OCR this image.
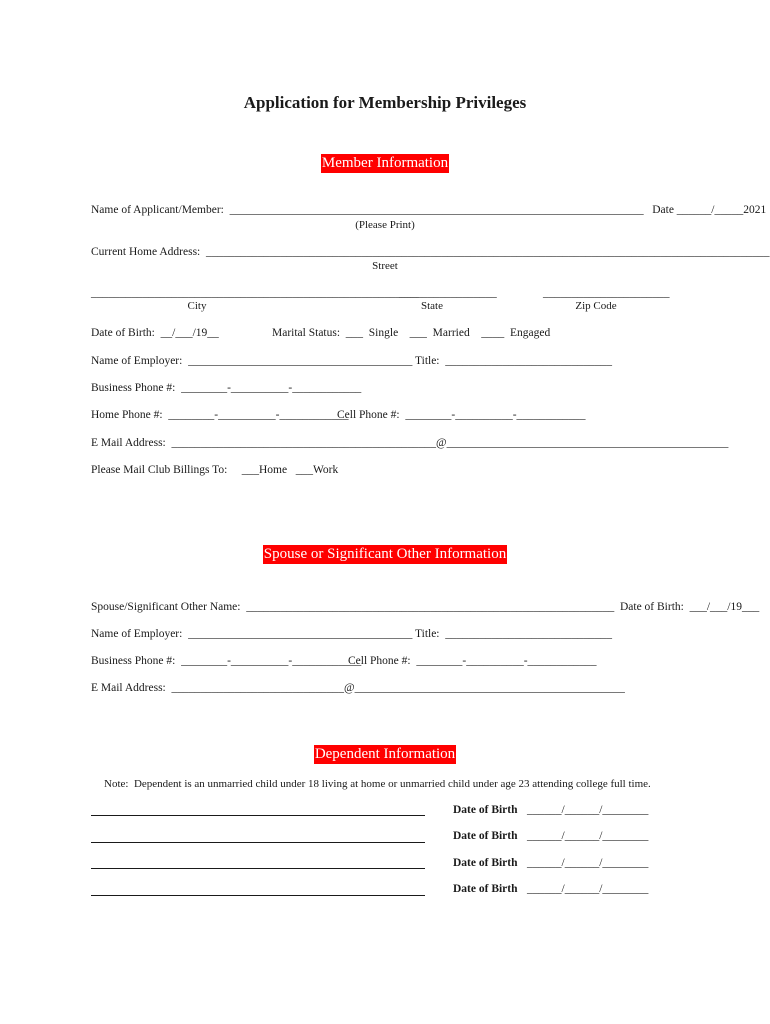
Application for Membership Privileges
Member Information
Name of Applicant/Member:  ________________________________________________________________________   Date ______/_____2021
(Please Print)
Current Home Address:  __________________________________________________________________________________________________
Street
_________________________________________________________
_________________	______________________
City	State	Zip Code
Date of Birth:  __/___/19__	Marital Status:  ___  Single    ___  Married    ____  Engaged
Name of Employer:  _______________________________________ Title:  _____________________________
Business Phone #:  ________-__________-____________
Home Phone #:  ________-__________-____________
Cell Phone #:  ________-__________-____________
E Mail Address:  ______________________________________________@_________________________________________________
Please Mail Club Billings To:     ___Home   ___Work
Spouse or Significant Other Information
Spouse/Significant Other Name:  ________________________________________________________________  Date of Birth:  ___/___/19___
Name of Employer:  _______________________________________ Title:  _____________________________
Business Phone #:  ________-__________-____________
Cell Phone #:  ________-__________-____________
E Mail Address:  ______________________________@_______________________________________________
Dependent Information
Note:  Dependent is an unmarried child under 18 living at home or unmarried child under age 23 attending college full time.
Date of Birth ______/______/________
Date of Birth ______/______/________
Date of Birth ______/______/________
Date of Birth ______/______/________
